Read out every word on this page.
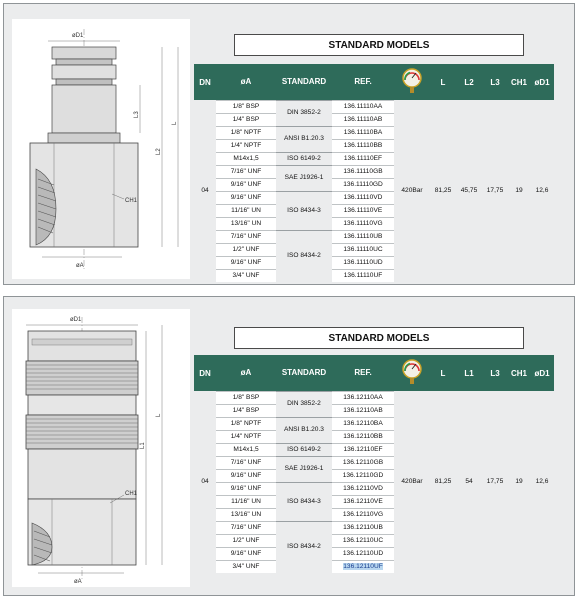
øD1
CH1
L3
L2
L
øA
STANDARD MODELS
DN	øA	STANDARD	REF.		L	L2	L3	CH1	øD1
04	1/8" BSP	DIN 3852-2	136.11110AA	420Bar	81,25	45,75	17,75	19	12,6
	1/4" BSP		136.11110AB						
	1/8" NPTF	ANSI B1.20.3	136.11110BA						
	1/4" NPTF		136.11110BB						
	M14x1,5	ISO 6149-2	136.11110EF						
	7/16" UNF	SAE J1926-1	136.11110GB						
	9/16" UNF		136.11110GD						
	9/16" UNF	ISO 8434-3	136.11110VD						
	11/16" UN		136.11110VE						
	13/16" UN		136.11110VG						
	7/16" UNF	ISO 8434-2	136.11110UB						
	1/2" UNF		136.11110UC						
	9/16" UNF		136.11110UD						
	3/4" UNF		136.11110UF						
øD1
CH1
L1
L
øA
STANDARD MODELS
DN	øA	STANDARD	REF.		L	L1	L3	CH1	øD1
04	1/8" BSP	DIN 3852-2	136.12110AA	420Bar	81,25	54	17,75	19	12,6
	1/4" BSP		136.12110AB						
	1/8" NPTF	ANSI B1.20.3	136.12110BA						
	1/4" NPTF		136.12110BB						
	M14x1,5	ISO 6149-2	136.12110EF						
	7/16" UNF	SAE J1926-1	136.12110GB						
	9/16" UNF		136.12110GD						
	9/16" UNF	ISO 8434-3	136.12110VD						
	11/16" UN		136.12110VE						
	13/16" UN		136.12110VG						
	7/16" UNF	ISO 8434-2	136.12110UB						
	1/2" UNF		136.12110UC						
	9/16" UNF		136.12110UD						
	3/4" UNF		136.12110UF						
